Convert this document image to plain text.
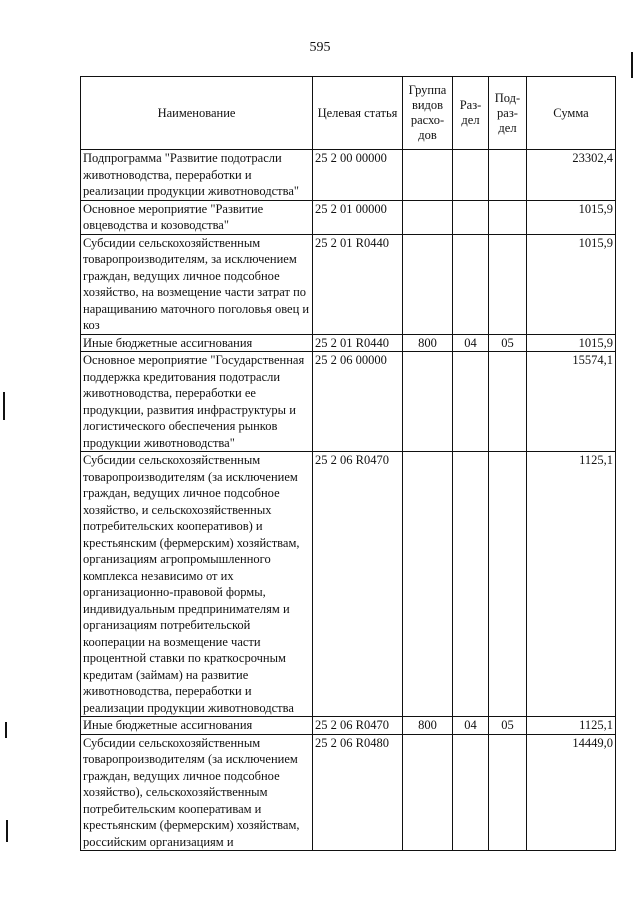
595
Наименование	Целевая статья	Группа видов расхо-дов	Раз-дел	Под-раз-дел	Сумма
Подпрограмма "Развитие подотрасли животноводства, переработки и реализации продукции животноводства"	25 2 00 00000				23302,4
Основное мероприятие "Развитие овцеводства и козоводства"	25 2 01 00000				1015,9
Субсидии сельскохозяйственным товаропроизводителям, за исключением граждан, ведущих личное подсобное хозяйство, на возмещение части затрат по наращиванию маточного поголовья овец и коз	25 2 01 R0440				1015,9
Иные бюджетные ассигнования	25 2 01 R0440	800	04	05	1015,9
Основное мероприятие "Государственная поддержка кредитования подотрасли животноводства, переработки ее продукции, развития инфраструктуры и логистического обеспечения рынков продукции животноводства"	25 2 06 00000				15574,1
Субсидии сельскохозяйственным товаропроизводителям (за исключением граждан, ведущих личное подсобное хозяйство, и сельскохозяйственных потребительских кооперативов) и крестьянским (фермерским) хозяйствам, организациям агропромышленного комплекса независимо от их организационно-правовой формы, индивидуальным предпринимателям и организациям потребительской кооперации на возмещение части процентной ставки по краткосрочным кредитам (займам) на развитие животноводства, переработки и реализации продукции животноводства	25 2 06 R0470				1125,1
Иные бюджетные ассигнования	25 2 06 R0470	800	04	05	1125,1
Субсидии сельскохозяйственным товаропроизводителям (за исключением граждан, ведущих личное подсобное хозяйство), сельскохозяйственным потребительским кооперативам и крестьянским (фермерским) хозяйствам, российским организациям и	25 2 06 R0480				14449,0
